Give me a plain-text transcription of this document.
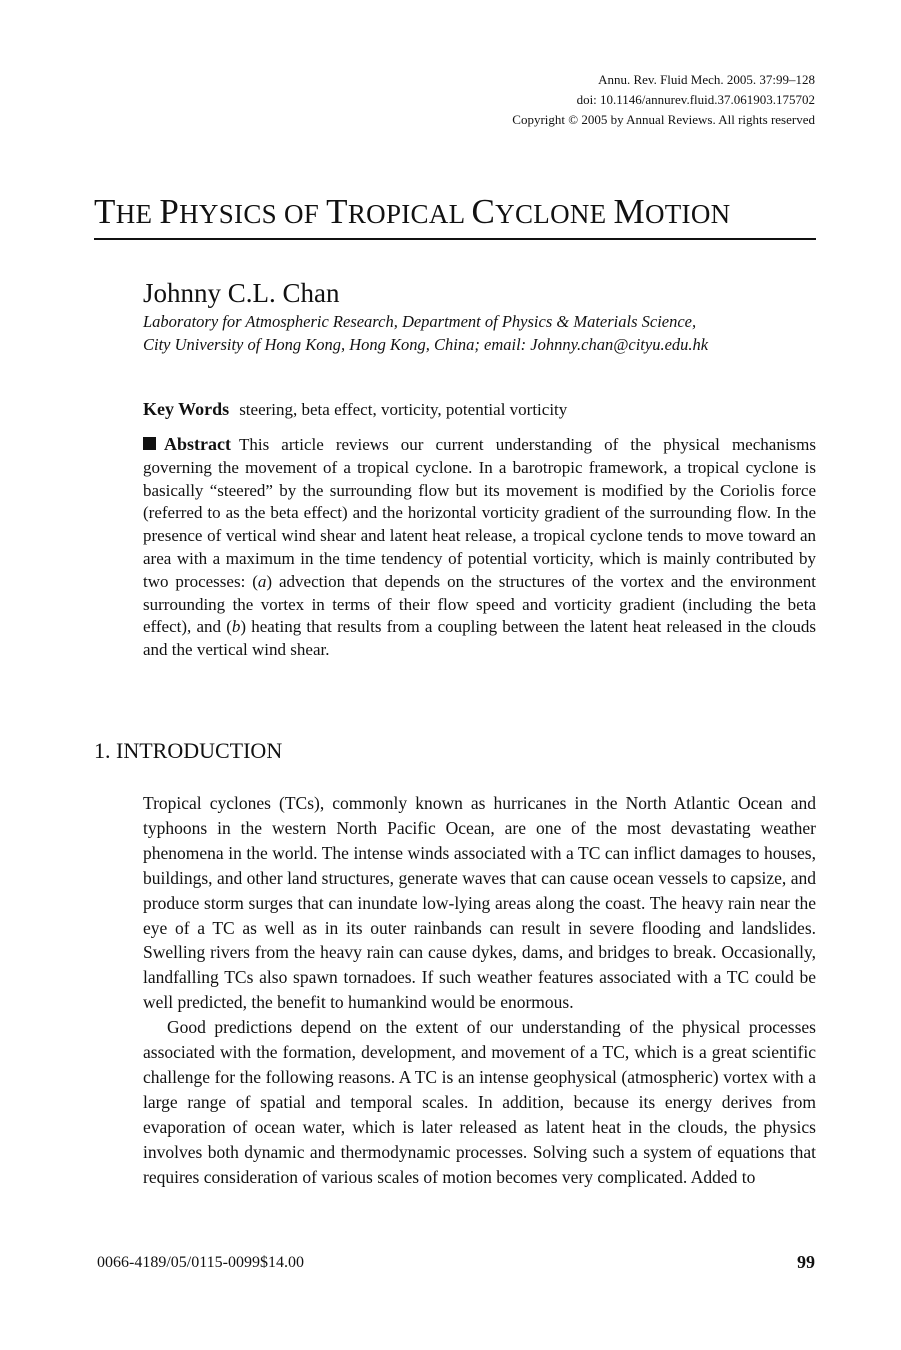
Annu. Rev. Fluid Mech. 2005. 37:99–128
doi: 10.1146/annurev.fluid.37.061903.175702
Copyright © 2005 by Annual Reviews. All rights reserved
THE PHYSICS OF TROPICAL CYCLONE MOTION
Johnny C.L. Chan
Laboratory for Atmospheric Research, Department of Physics & Materials Science,
City University of Hong Kong, Hong Kong, China; email: Johnny.chan@cityu.edu.hk
Key Words steering, beta effect, vorticity, potential vorticity

Abstract This article reviews our current understanding of the physical mechanisms governing the movement of a tropical cyclone. In a barotropic framework, a tropical cyclone is basically “steered” by the surrounding flow but its movement is modified by the Coriolis force (referred to as the beta effect) and the horizontal vorticity gradient of the surrounding flow. In the presence of vertical wind shear and latent heat release, a tropical cyclone tends to move toward an area with a maximum in the time tendency of potential vorticity, which is mainly contributed by two processes: (a) advection that depends on the structures of the vortex and the environment surrounding the vortex in terms of their flow speed and vorticity gradient (including the beta effect), and (b) heating that results from a coupling between the latent heat released in the clouds and the vertical wind shear.

1. INTRODUCTION

Tropical cyclones (TCs), commonly known as hurricanes in the North Atlantic Ocean and typhoons in the western North Pacific Ocean, are one of the most devastating weather phenomena in the world. The intense winds associated with a TC can inflict damages to houses, buildings, and other land structures, generate waves that can cause ocean vessels to capsize, and produce storm surges that can inundate low-lying areas along the coast. The heavy rain near the eye of a TC as well as in its outer rainbands can result in severe flooding and landslides. Swelling rivers from the heavy rain can cause dykes, dams, and bridges to break. Occasionally, landfalling TCs also spawn tornadoes. If such weather features associated with a TC could be well predicted, the benefit to humankind would be enormous.

Good predictions depend on the extent of our understanding of the physical processes associated with the formation, development, and movement of a TC, which is a great scientific challenge for the following reasons. A TC is an intense geophysical (atmospheric) vortex with a large range of spatial and temporal scales. In addition, because its energy derives from evaporation of ocean water, which is later released as latent heat in the clouds, the physics involves both dynamic and thermodynamic processes. Solving such a system of equations that requires consideration of various scales of motion becomes very complicated. Added to

0066-4189/05/0115-0099$14.00	99
